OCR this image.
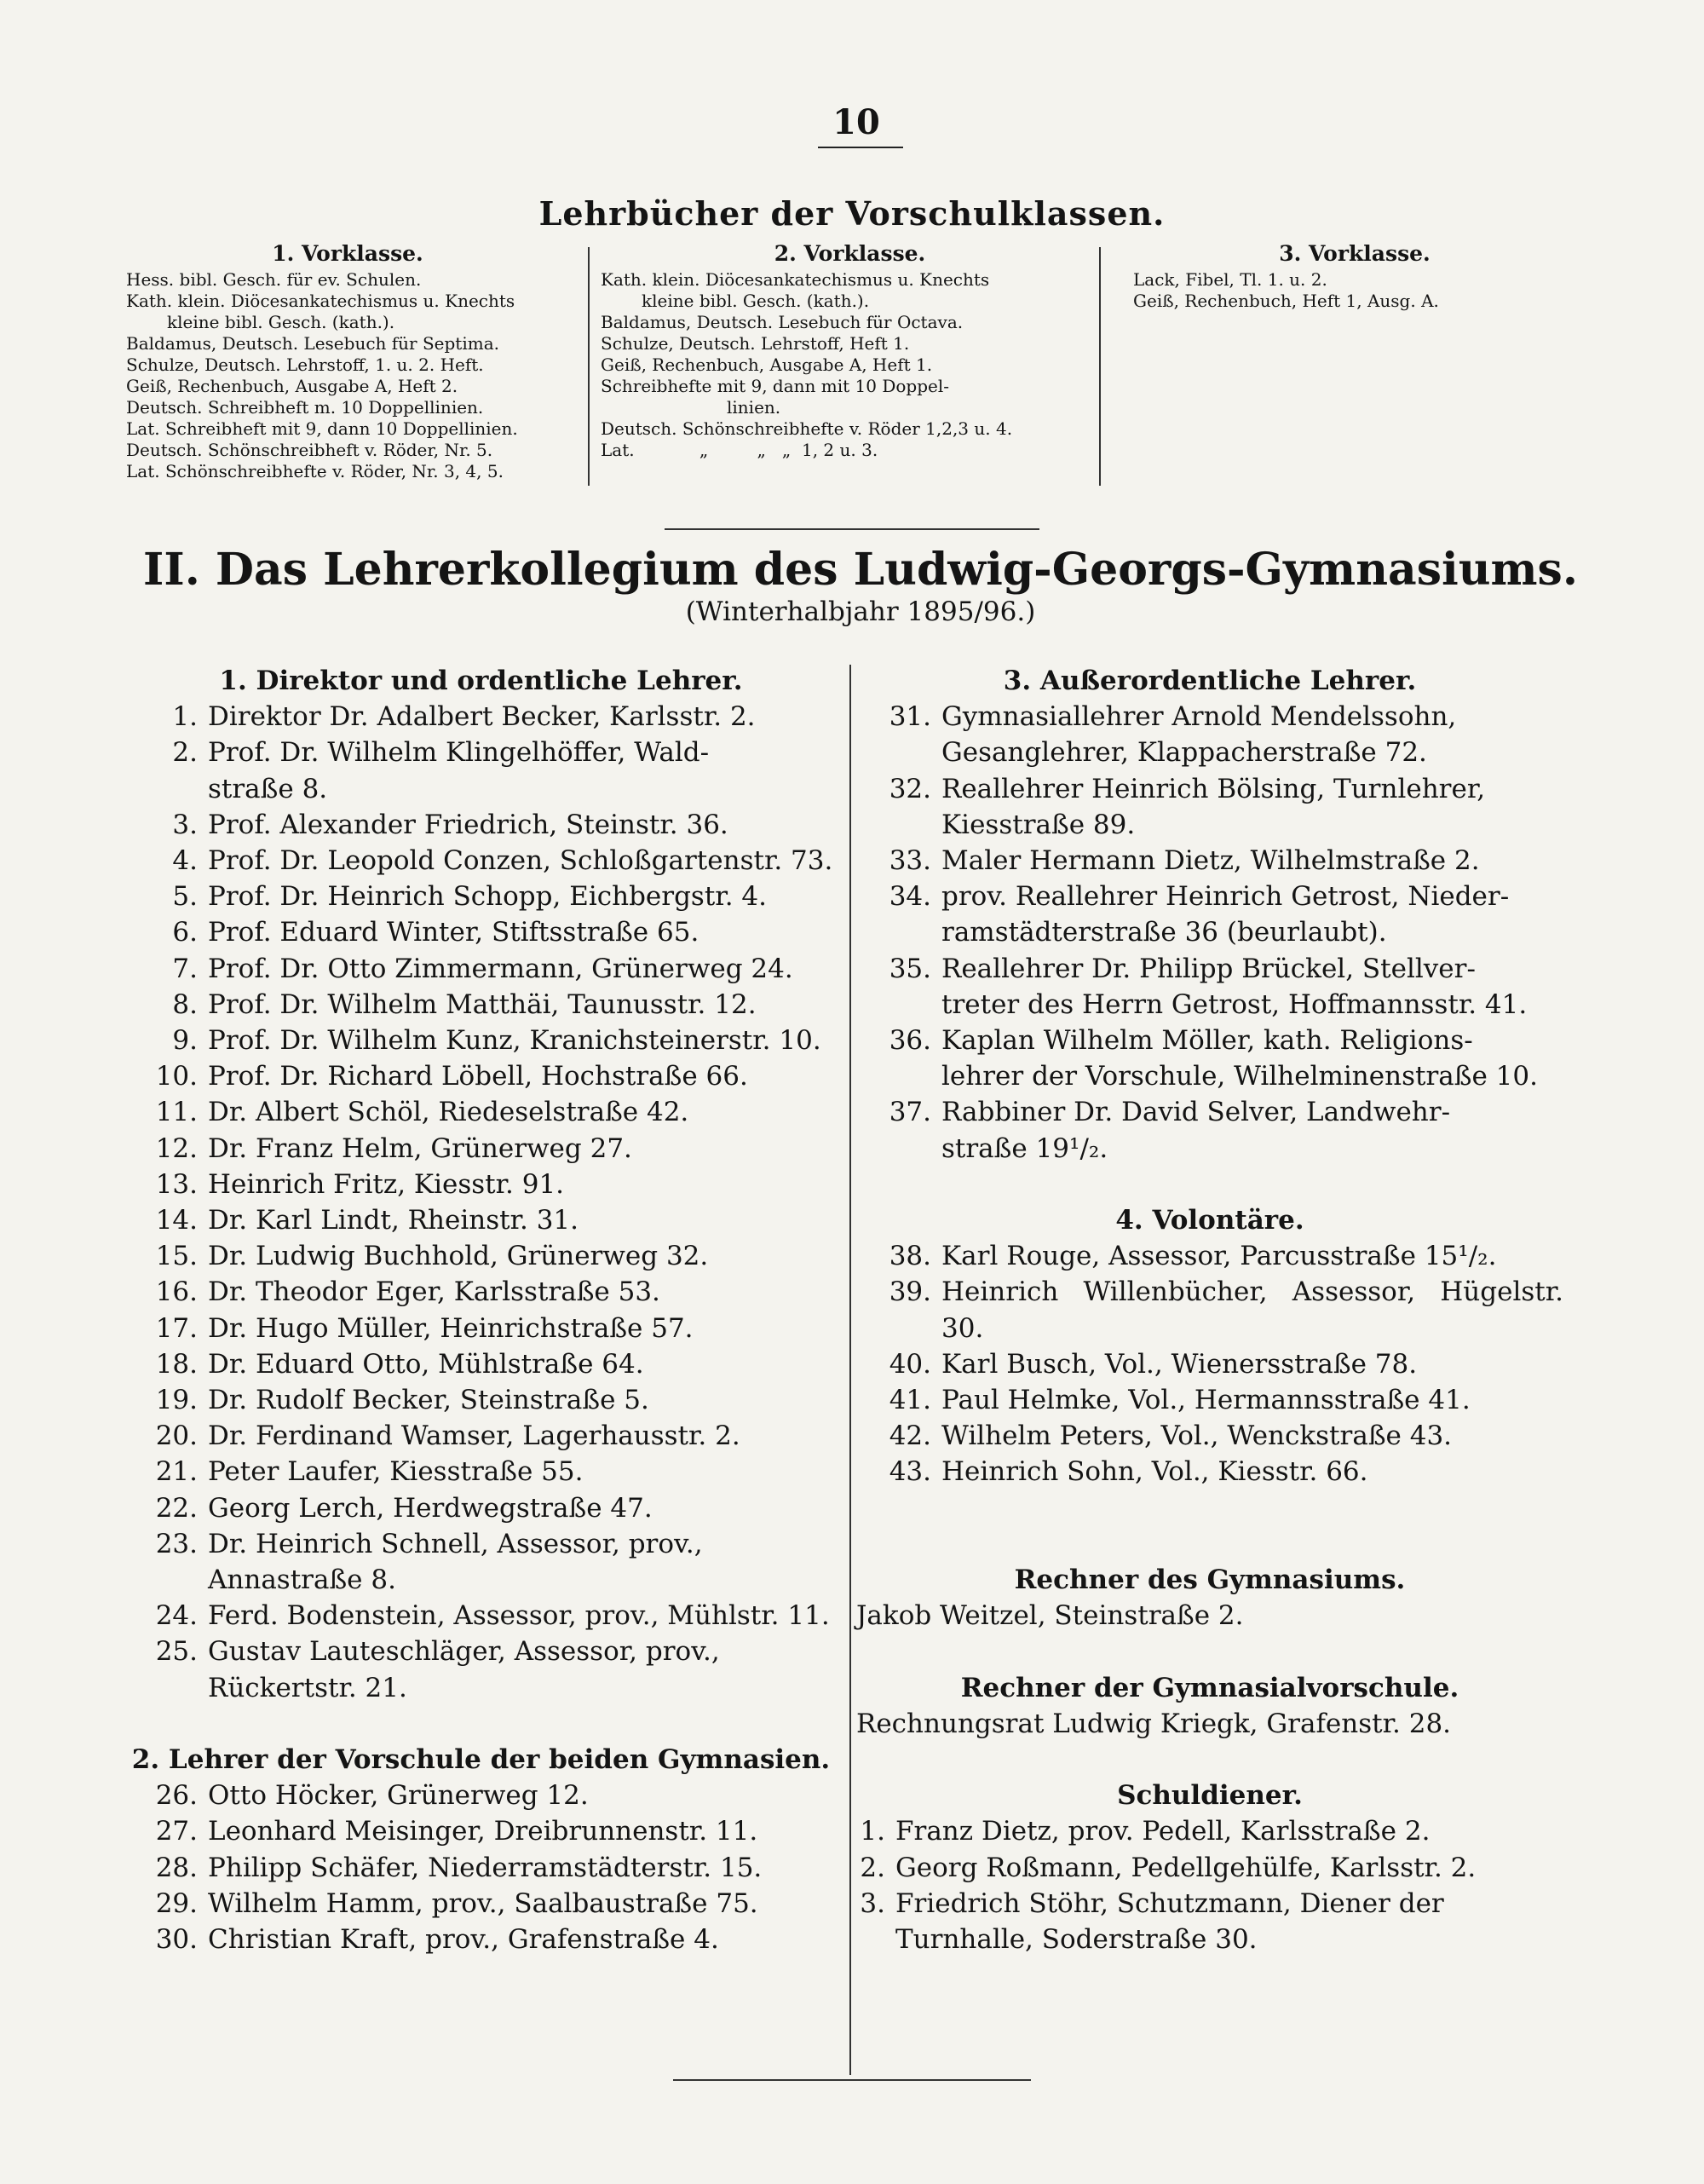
10
Lehrbücher der Vorschulklassen.
1. Vorklasse.
Hess. bibl. Gesch. für ev. Schulen.
Kath. klein. Diöcesankatechismus u. Knechts
kleine bibl. Gesch. (kath.).
Baldamus, Deutsch. Lesebuch für Septima.
Schulze, Deutsch. Lehrstoff, 1. u. 2. Heft.
Geiß, Rechenbuch, Ausgabe A, Heft 2.
Deutsch. Schreibheft m. 10 Doppellinien.
Lat. Schreibheft mit 9, dann 10 Doppellinien.
Deutsch. Schönschreibheft v. Röder, Nr. 5.
Lat. Schönschreibhefte v. Röder, Nr. 3, 4, 5.
2. Vorklasse.
Kath. klein. Diöcesankatechismus u. Knechts
kleine bibl. Gesch. (kath.).
Baldamus, Deutsch. Lesebuch für Octava.
Schulze, Deutsch. Lehrstoff, Heft 1.
Geiß, Rechenbuch, Ausgabe A, Heft 1.
Schreibhefte mit 9, dann mit 10 Doppel-
linien.
Deutsch. Schönschreibhefte v. Röder 1,2,3 u. 4.
Lat.            „         „   „  1, 2 u. 3.
3. Vorklasse.
Lack, Fibel, Tl. 1. u. 2.
Geiß, Rechenbuch, Heft 1, Ausg. A.
II. Das Lehrerkollegium des Ludwig-Georgs-Gymnasiums.
(Winterhalbjahr 1895/96.)
1. Direktor und ordentliche Lehrer.
1. Direktor Dr. Adalbert Becker, Karlsstr. 2.
2. Prof. Dr. Wilhelm Klingelhöffer, Wald-
straße 8.
3. Prof. Alexander Friedrich, Steinstr. 36.
4. Prof. Dr. Leopold Conzen, Schloßgartenstr. 73.
5. Prof. Dr. Heinrich Schopp, Eichbergstr. 4.
6. Prof. Eduard Winter, Stiftsstraße 65.
7. Prof. Dr. Otto Zimmermann, Grünerweg 24.
8. Prof. Dr. Wilhelm Matthäi, Taunusstr. 12.
9. Prof. Dr. Wilhelm Kunz, Kranichsteinerstr. 10.
10. Prof. Dr. Richard Löbell, Hochstraße 66.
11. Dr. Albert Schöl, Riedeselstraße 42.
12. Dr. Franz Helm, Grünerweg 27.
13. Heinrich Fritz, Kiesstr. 91.
14. Dr. Karl Lindt, Rheinstr. 31.
15. Dr. Ludwig Buchhold, Grünerweg 32.
16. Dr. Theodor Eger, Karlsstraße 53.
17. Dr. Hugo Müller, Heinrichstraße 57.
18. Dr. Eduard Otto, Mühlstraße 64.
19. Dr. Rudolf Becker, Steinstraße 5.
20. Dr. Ferdinand Wamser, Lagerhausstr. 2.
21. Peter Laufer, Kiesstraße 55.
22. Georg Lerch, Herdwegstraße 47.
23. Dr. Heinrich Schnell, Assessor, prov.,
Annastraße 8.
24. Ferd. Bodenstein, Assessor, prov., Mühlstr. 11.
25. Gustav Lauteschläger, Assessor, prov.,
Rückertstr. 21.
2. Lehrer der Vorschule der beiden Gymnasien.
26. Otto Höcker, Grünerweg 12.
27. Leonhard Meisinger, Dreibrunnenstr. 11.
28. Philipp Schäfer, Niederramstädterstr. 15.
29. Wilhelm Hamm, prov., Saalbaustraße 75.
30. Christian Kraft, prov., Grafenstraße 4.
3. Außerordentliche Lehrer.
31. Gymnasiallehrer Arnold Mendelssohn,
Gesanglehrer, Klappacherstraße 72.
32. Reallehrer Heinrich Bölsing, Turnlehrer,
Kiesstraße 89.
33. Maler Hermann Dietz, Wilhelmstraße 2.
34. prov. Reallehrer Heinrich Getrost, Nieder-
ramstädterstraße 36 (beurlaubt).
35. Reallehrer Dr. Philipp Brückel, Stellver-
treter des Herrn Getrost, Hoffmannsstr. 41.
36. Kaplan Wilhelm Möller, kath. Religions-
lehrer der Vorschule, Wilhelminenstraße 10.
37. Rabbiner Dr. David Selver, Landwehr-
straße 19¹/₂.
4. Volontäre.
38. Karl Rouge, Assessor, Parcusstraße 15¹/₂.
39. Heinrich Willenbücher, Assessor, Hügelstr. 30.
40. Karl Busch, Vol., Wienersstraße 78.
41. Paul Helmke, Vol., Hermannsstraße 41.
42. Wilhelm Peters, Vol., Wenckstraße 43.
43. Heinrich Sohn, Vol., Kiesstr. 66.
Rechner des Gymnasiums.
Jakob Weitzel, Steinstraße 2.
Rechner der Gymnasialvorschule.
Rechnungsrat Ludwig Kriegk, Grafenstr. 28.
Schuldiener.
1. Franz Dietz, prov. Pedell, Karlsstraße 2.
2. Georg Roßmann, Pedellgehülfe, Karlsstr. 2.
3. Friedrich Stöhr, Schutzmann, Diener der
Turnhalle, Soderstraße 30.
